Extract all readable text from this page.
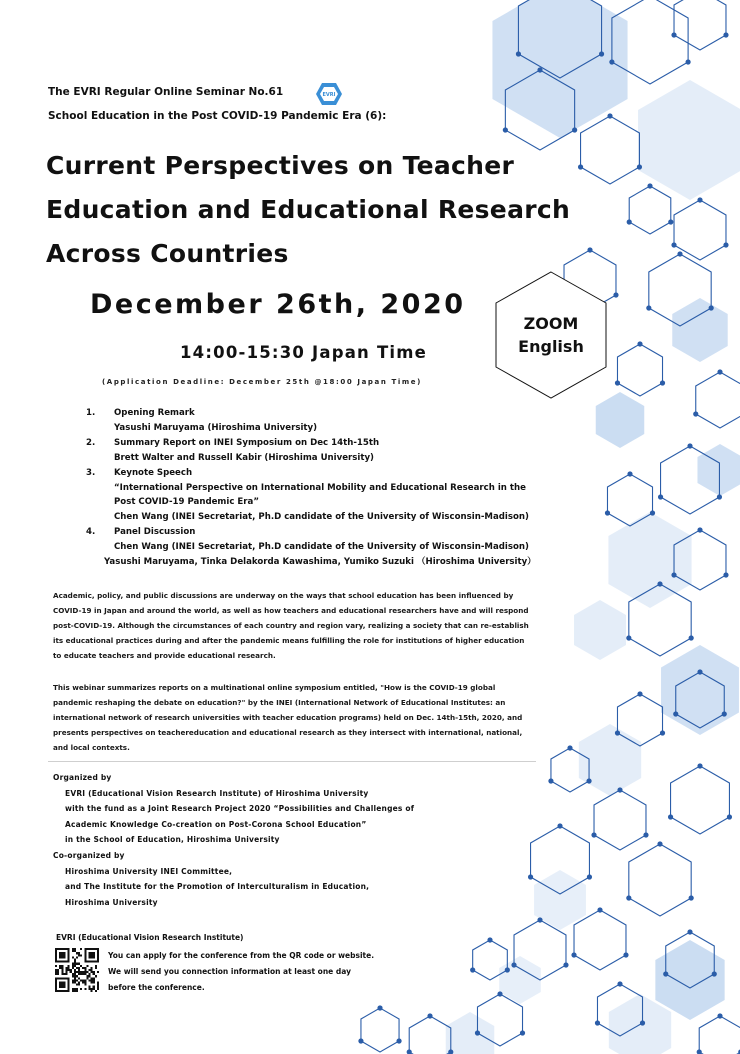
The EVRI Regular Online Seminar No.61	EVRI
School Education in the Post COVID-19 Pandemic Era (6):
Current Perspectives on Teacher
Education and Educational Research
Across Countries
December 26th, 2020
14:00-15:30 Japan Time
(Application Deadline: December 25th @18:00 Japan Time)
ZOOM
English
1.	Opening Remark
Yasushi Maruyama (Hiroshima University)
2.	Summary Report on INEI Symposium on Dec 14th-15th
Brett Walter and Russell Kabir (Hiroshima University)
3.	Keynote Speech
“International Perspective on International Mobility and Educational Research in the
Post COVID-19 Pandemic Era”
Chen Wang (INEI Secretariat, Ph.D candidate of the University of Wisconsin-Madison)
4.	Panel Discussion
Chen Wang (INEI Secretariat, Ph.D candidate of the University of Wisconsin-Madison)
Yasushi Maruyama, Tinka Delakorda Kawashima, Yumiko Suzuki （Hiroshima University）
Academic, policy, and public discussions are underway on the ways that school education has been influenced by COVID-19 in Japan and around the world, as well as how teachers and educational researchers have and will respond post-COVID-19. Although the circumstances of each country and region vary, realizing a society that can re-establish its educational practices during and after the pandemic means fulfilling the role for institutions of higher education to educate teachers and provide educational research.
This webinar summarizes reports on a multinational online symposium entitled, "How is the COVID-19 global pandemic reshaping the debate on education?" by the INEI (International Network of Educational Institutes: an international network of research universities with teacher education programs) held on Dec. 14th-15th, 2020, and presents perspectives on teachereducation and educational research as they intersect with international, national, and local contexts.
Organized by
EVRI (Educational Vision Research Institute) of Hiroshima University
with the fund as a Joint Research Project 2020 “Possibilities and Challenges of
Academic Knowledge Co-creation on Post-Corona School Education”
in the School of Education, Hiroshima University
Co-organized by
Hiroshima University INEI Committee,
and The Institute for the Promotion of Interculturalism in Education,
Hiroshima University
EVRI (Educational Vision Research Institute)
You can apply for the conference from the QR code or website.
We will send you connection information at least one day
before the conference.
